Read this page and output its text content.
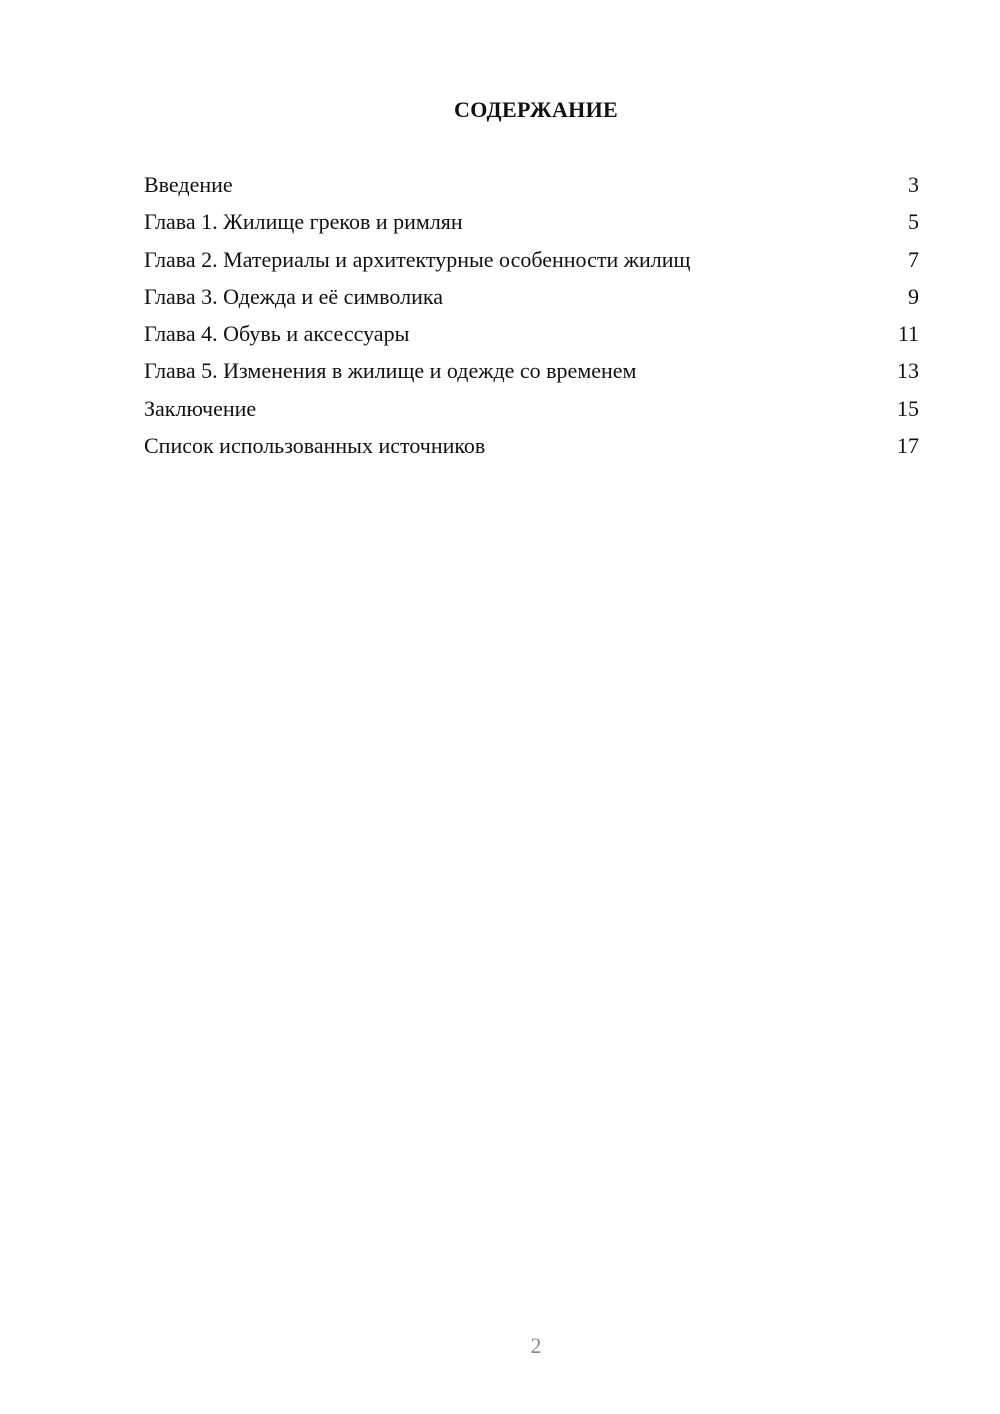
СОДЕРЖАНИЕ
Введение	3
Глава 1. Жилище греков и римлян	5
Глава 2. Материалы и архитектурные особенности жилищ	7
Глава 3. Одежда и её символика	9
Глава 4. Обувь и аксессуары	11
Глава 5. Изменения в жилище и одежде со временем	13
Заключение	15
Список использованных источников	17
2
